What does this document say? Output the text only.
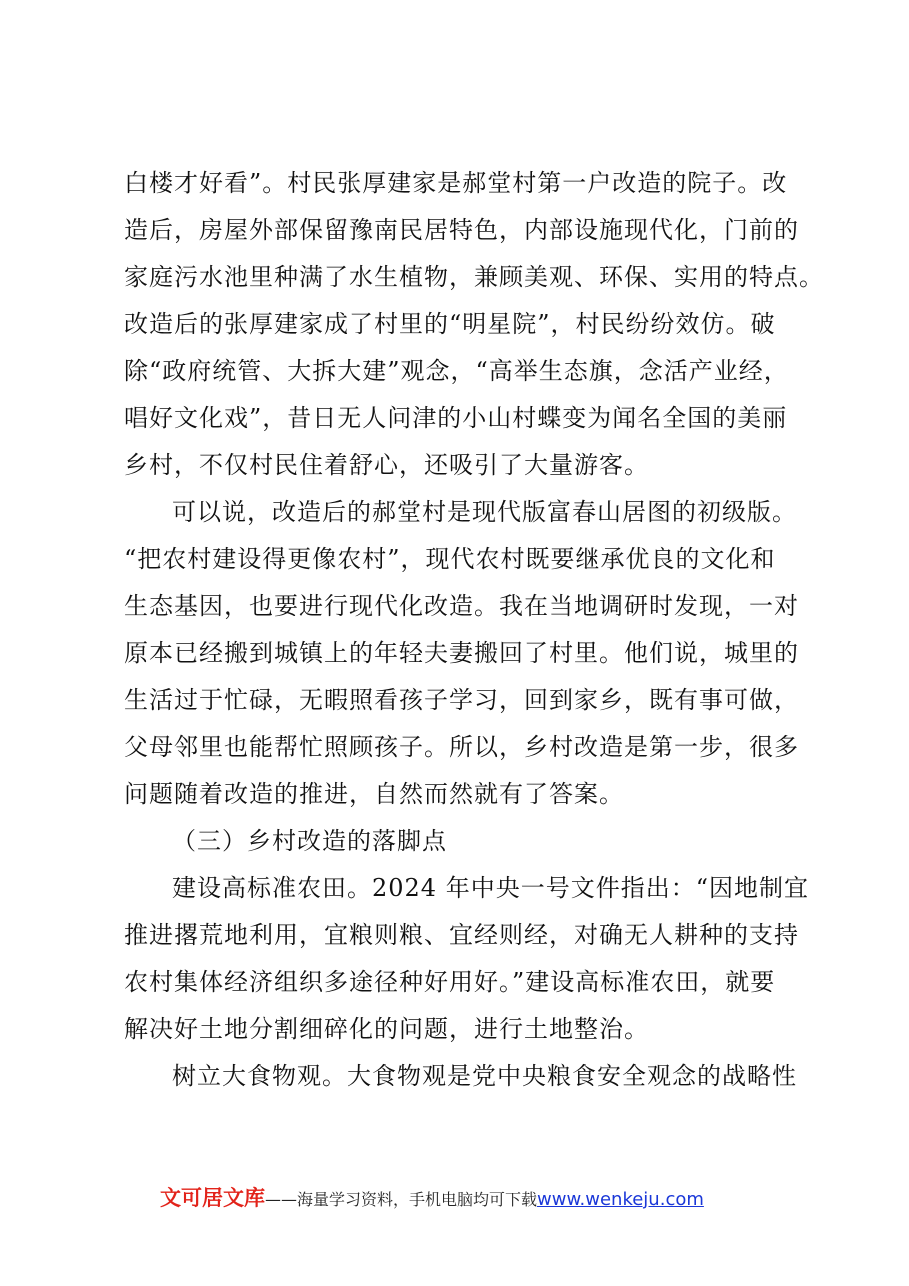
白楼才好看”。村民张厚建家是郝堂村第一户改造的院子。改
造后，房屋外部保留豫南民居特色，内部设施现代化，门前的
家庭污水池里种满了水生植物，兼顾美观、环保、实用的特点。
改造后的张厚建家成了村里的“明星院”，村民纷纷效仿。破
除“政府统管、大拆大建”观念，“高举生态旗，念活产业经，
唱好文化戏”，昔日无人问津的小山村蝶变为闻名全国的美丽
乡村，不仅村民住着舒心，还吸引了大量游客。
可以说，改造后的郝堂村是现代版富春山居图的初级版。
“把农村建设得更像农村”，现代农村既要继承优良的文化和
生态基因，也要进行现代化改造。我在当地调研时发现，一对
原本已经搬到城镇上的年轻夫妻搬回了村里。他们说，城里的
生活过于忙碌，无暇照看孩子学习，回到家乡，既有事可做，
父母邻里也能帮忙照顾孩子。所以，乡村改造是第一步，很多
问题随着改造的推进，自然而然就有了答案。
（三）乡村改造的落脚点
建设高标准农田。2024 年中央一号文件指出：“因地制宜
推进撂荒地利用，宜粮则粮、宜经则经，对确无人耕种的支持
农村集体经济组织多途径种好用好。”建设高标准农田，就要
解决好土地分割细碎化的问题，进行土地整治。
树立大食物观。大食物观是党中央粮食安全观念的战略性
文可居文库——海量学习资料，手机电脑均可下载www.wenkeju.com
